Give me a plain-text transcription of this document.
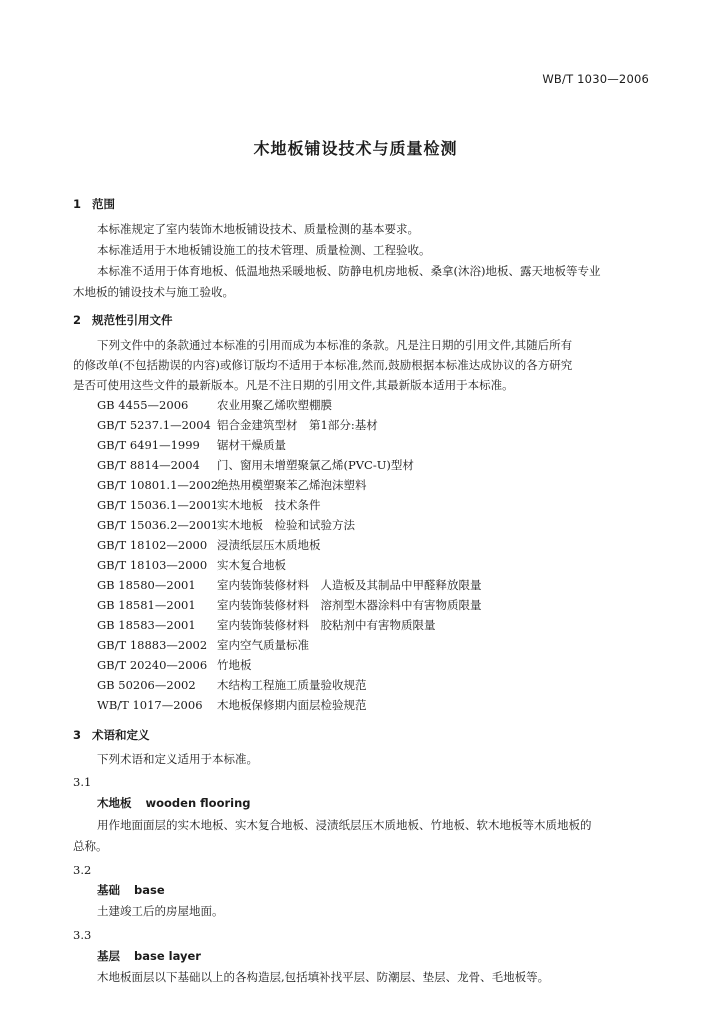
WB/T 1030—2006
木地板铺设技术与质量检测
1 范围
本标准规定了室内装饰木地板铺设技术、质量检测的基本要求。
本标准适用于木地板铺设施工的技术管理、质量检测、工程验收。
本标准不适用于体育地板、低温地热采暖地板、防静电机房地板、桑拿(沐浴)地板、露天地板等专业
木地板的铺设技术与施工验收。
2 规范性引用文件
下列文件中的条款通过本标准的引用而成为本标准的条款。凡是注日期的引用文件,其随后所有
的修改单(不包括勘误的内容)或修订版均不适用于本标准,然而,鼓励根据本标准达成协议的各方研究
是否可使用这些文件的最新版本。凡是不注日期的引用文件,其最新版本适用于本标准。
GB 4455—2006 农业用聚乙烯吹塑棚膜
GB/T 5237.1—2004 铝合金建筑型材　第1部分:基材
GB/T 6491—1999 锯材干燥质量
GB/T 8814—2004 门、窗用未增塑聚氯乙烯(PVC-U)型材
GB/T 10801.1—2002绝热用模塑聚苯乙烯泡沫塑料
GB/T 15036.1—2001实木地板　技术条件
GB/T 15036.2—2001实木地板　检验和试验方法
GB/T 18102—2000 浸渍纸层压木质地板
GB/T 18103—2000 实木复合地板
GB 18580—2001 室内装饰装修材料　人造板及其制品中甲醛释放限量
GB 18581—2001 室内装饰装修材料　溶剂型木器涂料中有害物质限量
GB 18583—2001 室内装饰装修材料　胶粘剂中有害物质限量
GB/T 18883—2002 室内空气质量标准
GB/T 20240—2006 竹地板
GB 50206—2002 木结构工程施工质量验收规范
WB/T 1017—2006 木地板保修期内面层检验规范
3 术语和定义
下列术语和定义适用于本标准。
3.1
木地板 wooden flooring
用作地面面层的实木地板、实木复合地板、浸渍纸层压木质地板、竹地板、软木地板等木质地板的
总称。
3.2
基础 base
土建竣工后的房屋地面。
3.3
基层 base layer
木地板面层以下基础以上的各构造层,包括填补找平层、防潮层、垫层、龙骨、毛地板等。
